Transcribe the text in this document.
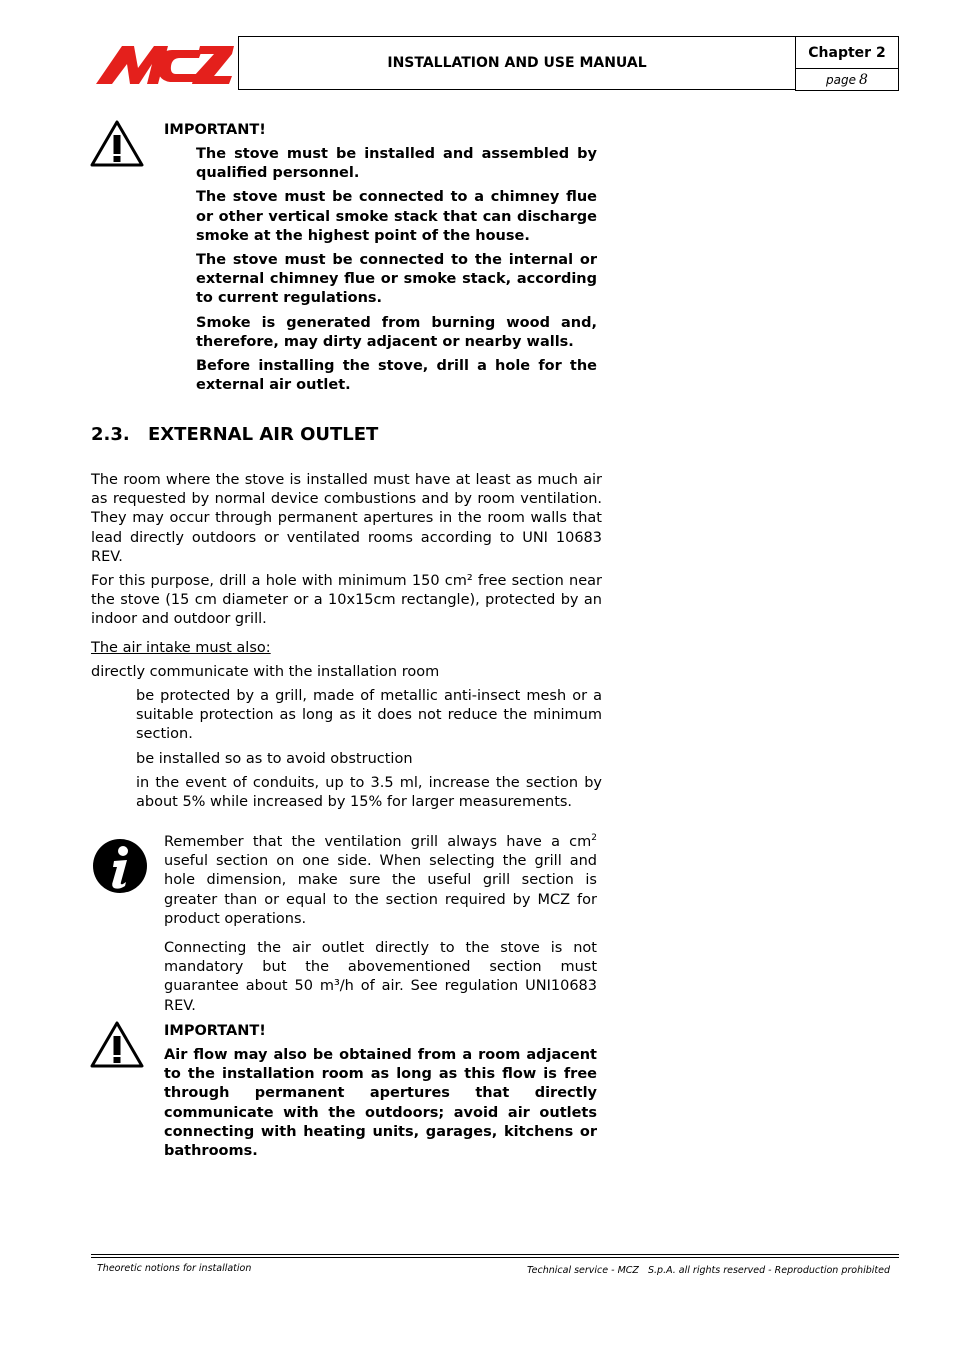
INSTALLATION AND USE MANUAL
Chapter 2
page 8
IMPORTANT!

The stove must be installed and assembled by qualified personnel.

The stove must be connected to a chimney flue or other vertical smoke stack that can discharge smoke at the highest point of the house.

The stove must be connected to the internal or external chimney flue or smoke stack, according to current regulations.

Smoke is generated from burning wood and, therefore, may dirty adjacent or nearby walls.

Before installing the stove, drill a hole for the external air outlet.

2.3. EXTERNAL AIR OUTLET

The room where the stove is installed must have at least as much air as requested by normal device combustions and by room ventilation. They may occur through permanent apertures in the room walls that lead directly outdoors or ventilated rooms according to UNI 10683 REV.

For this purpose, drill a hole with minimum 150 cm² free section near the stove (15 cm diameter or a 10x15cm rectangle), protected by an indoor and outdoor grill.

The air intake must also:
directly communicate with the installation room

be protected by a grill, made of metallic anti-insect mesh or a suitable protection as long as it does not reduce the minimum section.

be installed so as to avoid obstruction

in the event of conduits, up to 3.5 ml, increase the section by about 5% while increased by 15% for larger measurements.

Remember that the ventilation grill always have a $cm^2$ useful section on one side. When selecting the grill and hole dimension, make sure the useful grill section is greater than or equal to the section required by MCZ for product operations.

Connecting the air outlet directly to the stove is not mandatory but the abovementioned section must guarantee about 50 m³/h of air. See regulation UNI10683 REV.

IMPORTANT!
Air flow may also be obtained from a room adjacent to the installation room as long as this flow is free through permanent apertures that directly communicate with the outdoors; avoid air outlets connecting with heating units, garages, kitchens or bathrooms.
Theoretic notions for installation	Technical service - MCZ   S.p.A. all rights reserved - Reproduction prohibited
